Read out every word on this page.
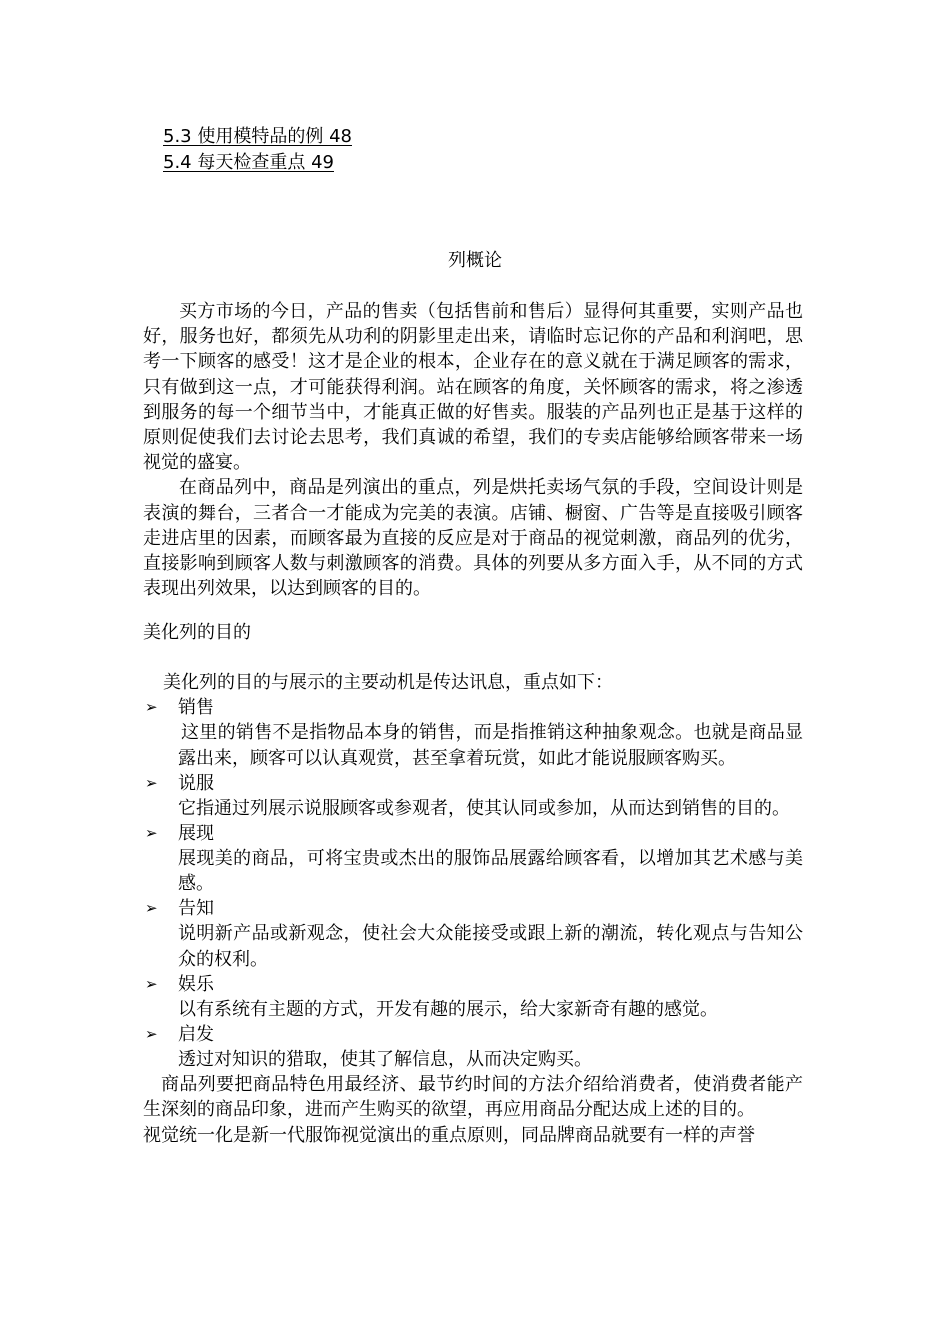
5.3 使用模特品的例 48
5.4 每天检查重点 49
列概论

买方市场的今日，产品的售卖（包括售前和售后）显得何其重要，实则产品也好，服务也好，都须先从功利的阴影里走出来，请临时忘记你的产品和利润吧，思考一下顾客的感受！这才是企业的根本，企业存在的意义就在于满足顾客的需求，只有做到这一点，才可能获得利润。站在顾客的角度，关怀顾客的需求，将之渗透到服务的每一个细节当中，才能真正做的好售卖。服装的产品列也正是基于这样的原则促使我们去讨论去思考，我们真诚的希望，我们的专卖店能够给顾客带来一场视觉的盛宴。

在商品列中，商品是列演出的重点，列是烘托卖场气氛的手段，空间设计则是表演的舞台，三者合一才能成为完美的表演。店铺、橱窗、广告等是直接吸引顾客走进店里的因素，而顾客最为直接的反应是对于商品的视觉刺激，商品列的优劣，直接影响到顾客人数与刺激顾客的消费。具体的列要从多方面入手，从不同的方式表现出列效果，以达到顾客的目的。

美化列的目的

美化列的目的与展示的主要动机是传达讯息，重点如下：

➢	销售

这里的销售不是指物品本身的销售，而是指推销这种抽象观念。也就是商品显露出来，顾客可以认真观赏，甚至拿着玩赏，如此才能说服顾客购买。

➢	说服

它指通过列展示说服顾客或参观者，使其认同或参加，从而达到销售的目的。

➢	展现

展现美的商品，可将宝贵或杰出的服饰品展露给顾客看，以增加其艺术感与美感。

➢	告知

说明新产品或新观念，使社会大众能接受或跟上新的潮流，转化观点与告知公众的权利。

➢	娱乐

以有系统有主题的方式，开发有趣的展示，给大家新奇有趣的感觉。

➢	启发

透过对知识的猎取，使其了解信息，从而决定购买。

商品列要把商品特色用最经济、最节约时间的方法介绍给消费者，使消费者能产生深刻的商品印象，进而产生购买的欲望，再应用商品分配达成上述的目的。

视觉统一化是新一代服饰视觉演出的重点原则，同品牌商品就要有一样的声誉
